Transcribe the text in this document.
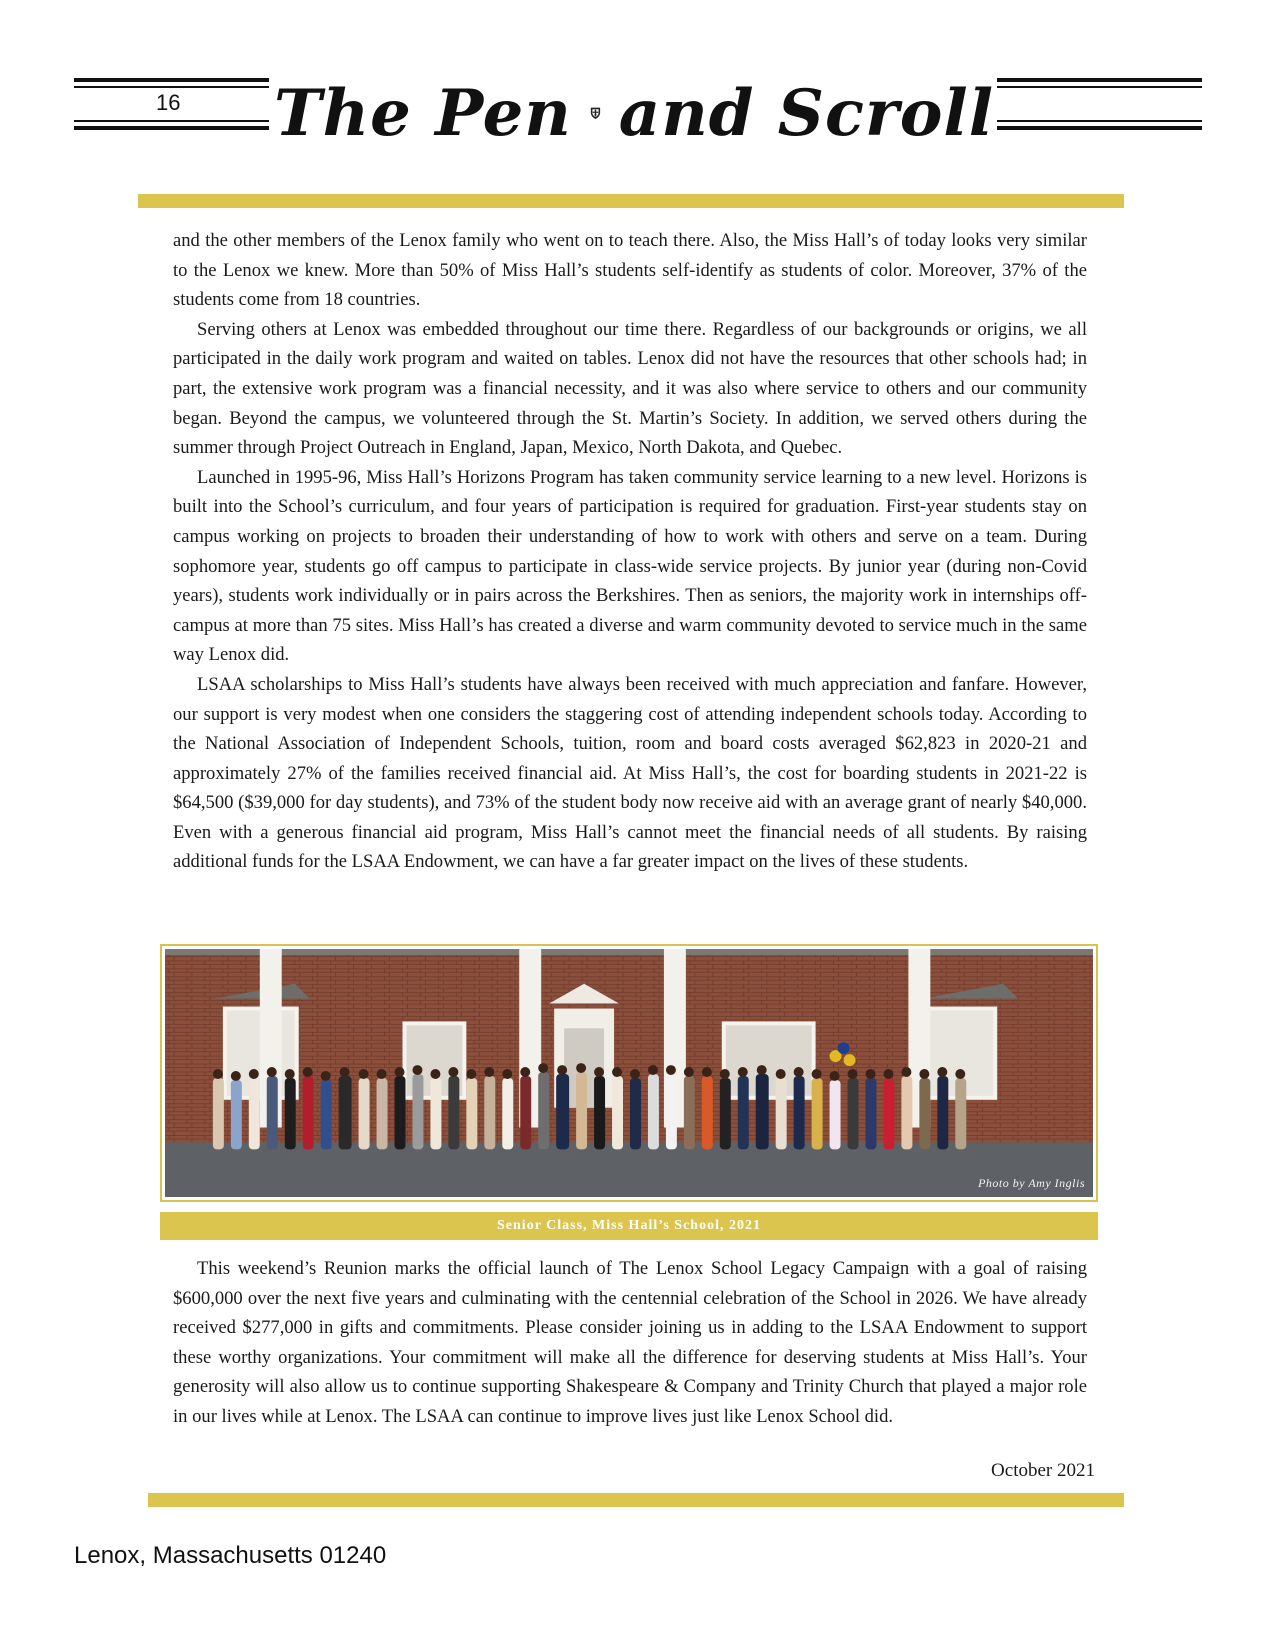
16 The Pen and Scroll

and the other members of the Lenox family who went on to teach there. Also, the Miss Hall’s of today looks very similar to the Lenox we knew. More than 50% of Miss Hall’s students self-identify as students of color. Moreover, 37% of the students come from 18 countries.

Serving others at Lenox was embedded throughout our time there. Regardless of our backgrounds or origins, we all participated in the daily work program and waited on tables. Lenox did not have the resources that other schools had; in part, the extensive work program was a financial necessity, and it was also where service to others and our community began. Beyond the campus, we volunteered through the St. Martin’s Society. In addition, we served others during the summer through Project Outreach in England, Japan, Mexico, North Dakota, and Quebec.

Launched in 1995-96, Miss Hall’s Horizons Program has taken community service learning to a new level. Horizons is built into the School’s curriculum, and four years of participation is required for graduation. First-year students stay on campus working on projects to broaden their understanding of how to work with others and serve on a team. During sophomore year, students go off campus to participate in class-wide service projects. By junior year (during non-Covid years), students work individually or in pairs across the Berkshires. Then as seniors, the majority work in internships off-campus at more than 75 sites. Miss Hall’s has created a diverse and warm community devoted to service much in the same way Lenox did.

LSAA scholarships to Miss Hall’s students have always been received with much appreciation and fanfare. However, our support is very modest when one considers the staggering cost of attending independent schools today. According to the National Association of Independent Schools, tuition, room and board costs averaged $62,823 in 2020-21 and approximately 27% of the families received financial aid. At Miss Hall’s, the cost for boarding students in 2021-22 is $64,500 ($39,000 for day students), and 73% of the student body now receive aid with an average grant of nearly $40,000. Even with a generous financial aid program, Miss Hall’s cannot meet the financial needs of all students. By raising additional funds for the LSAA Endowment, we can have a far greater impact on the lives of these students.

Photo by Amy Inglis
Senior Class, Miss Hall’s School, 2021

This weekend’s Reunion marks the official launch of The Lenox School Legacy Campaign with a goal of raising $600,000 over the next five years and culminating with the centennial celebration of the School in 2026. We have already received $277,000 in gifts and commitments. Please consider joining us in adding to the LSAA Endowment to support these worthy organizations. Your commitment will make all the difference for deserving students at Miss Hall’s. Your generosity will also allow us to continue supporting Shakespeare & Company and Trinity Church that played a major role in our lives while at Lenox. The LSAA can continue to improve lives just like Lenox School did.

October 2021
Lenox, Massachusetts 01240
